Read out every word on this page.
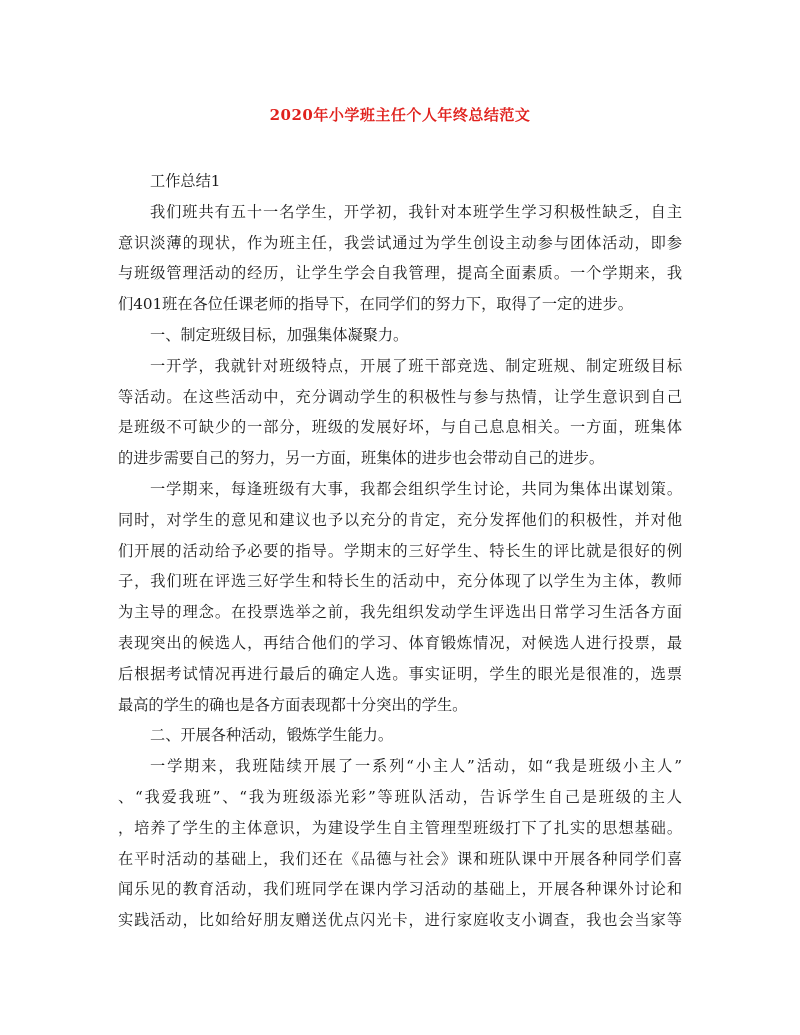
2020年小学班主任个人年终总结范文
工作总结1
我们班共有五十一名学生，开学初，我针对本班学生学习积极性缺乏，自主
意识淡薄的现状，作为班主任，我尝试通过为学生创设主动参与团体活动，即参
与班级管理活动的经历，让学生学会自我管理，提高全面素质。一个学期来，我
们401班在各位任课老师的指导下，在同学们的努力下，取得了一定的进步。
一、制定班级目标，加强集体凝聚力。
一开学，我就针对班级特点，开展了班干部竞选、制定班规、制定班级目标
等活动。在这些活动中，充分调动学生的积极性与参与热情，让学生意识到自己
是班级不可缺少的一部分，班级的发展好坏，与自己息息相关。一方面，班集体
的进步需要自己的努力，另一方面，班集体的进步也会带动自己的进步。
一学期来，每逢班级有大事，我都会组织学生讨论，共同为集体出谋划策。
同时，对学生的意见和建议也予以充分的肯定，充分发挥他们的积极性，并对他
们开展的活动给予必要的指导。学期末的三好学生、特长生的评比就是很好的例
子，我们班在评选三好学生和特长生的活动中，充分体现了以学生为主体，教师
为主导的理念。在投票选举之前，我先组织发动学生评选出日常学习生活各方面
表现突出的候选人，再结合他们的学习、体育锻炼情况，对候选人进行投票，最
后根据考试情况再进行最后的确定人选。事实证明，学生的眼光是很准的，选票
最高的学生的确也是各方面表现都十分突出的学生。
二、开展各种活动，锻炼学生能力。
一学期来，我班陆续开展了一系列“小主人”活动，如“我是班级小主人”
、“我爱我班”、“我为班级添光彩”等班队活动，告诉学生自己是班级的主人
，培养了学生的主体意识，为建设学生自主管理型班级打下了扎实的思想基础。
在平时活动的基础上，我们还在《品德与社会》课和班队课中开展各种同学们喜
闻乐见的教育活动，我们班同学在课内学习活动的基础上，开展各种课外讨论和
实践活动，比如给好朋友赠送优点闪光卡，进行家庭收支小调查，我也会当家等
